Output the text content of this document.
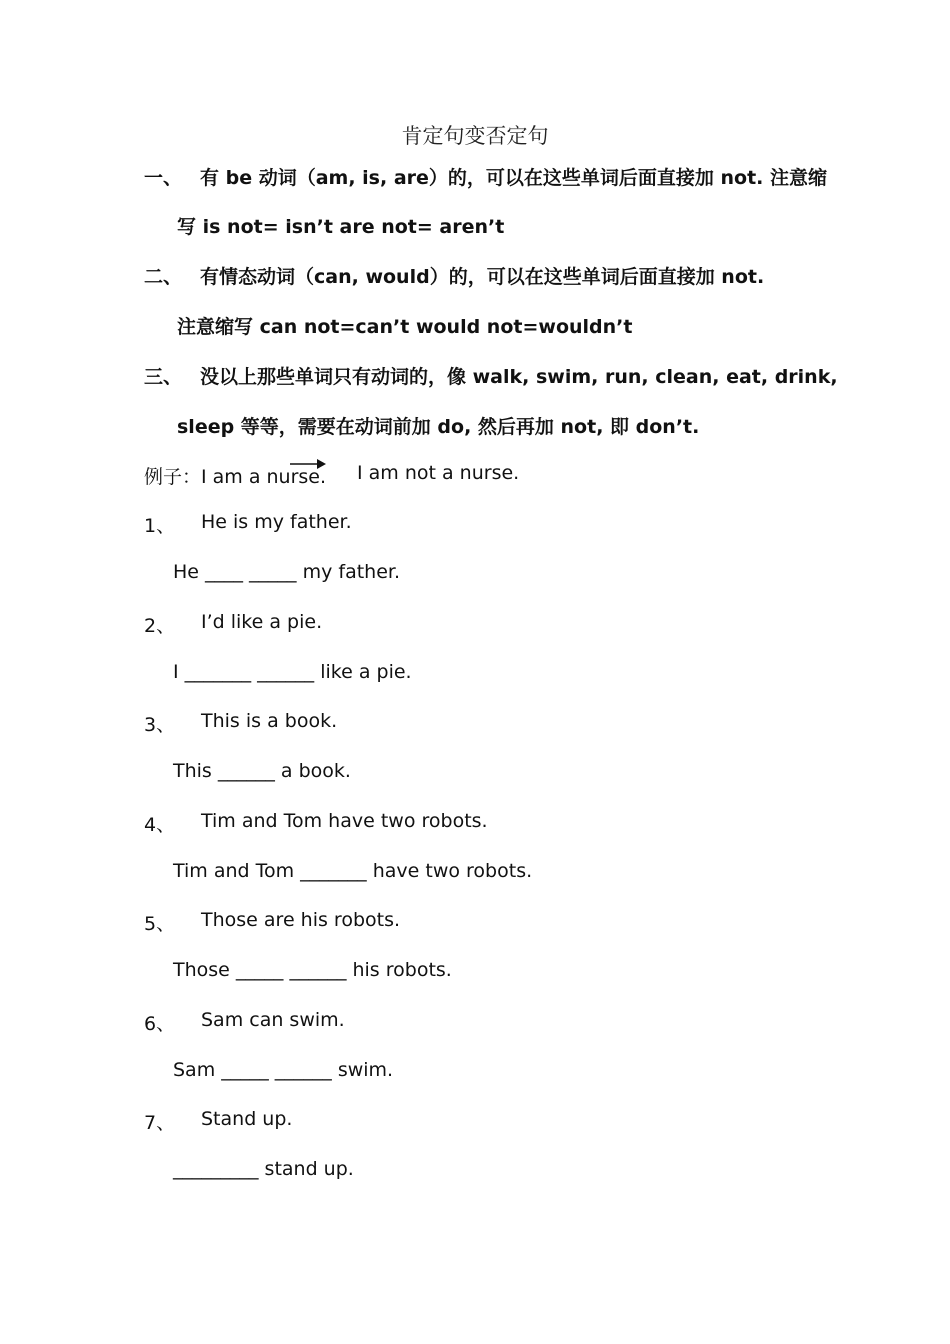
肯定句变否定句
一、 有 be 动词（am, is, are）的，可以在这些单词后面直接加 not. 注意缩
写 is not= isn’t are not= aren’t
二、 有情态动词（can, would）的，可以在这些单词后面直接加 not.
注意缩写 can not=can’t would not=wouldn’t
三、 没以上那些单词只有动词的，像 walk, swim, run, clean, eat, drink,
sleep 等等，需要在动词前加 do, 然后再加 not, 即 don’t.
例子：I am a nurse. I am not a nurse.
1、 He is my father.
He ____ _____ my father.
2、 I’d like a pie.
I _______ ______ like a pie.
3、 This is a book.
This ______ a book.
4、 Tim and Tom have two robots.
Tim and Tom _______ have two robots.
5、 Those are his robots.
Those _____ ______ his robots.
6、 Sam can swim.
Sam _____ ______ swim.
7、 Stand up.
_________ stand up.
